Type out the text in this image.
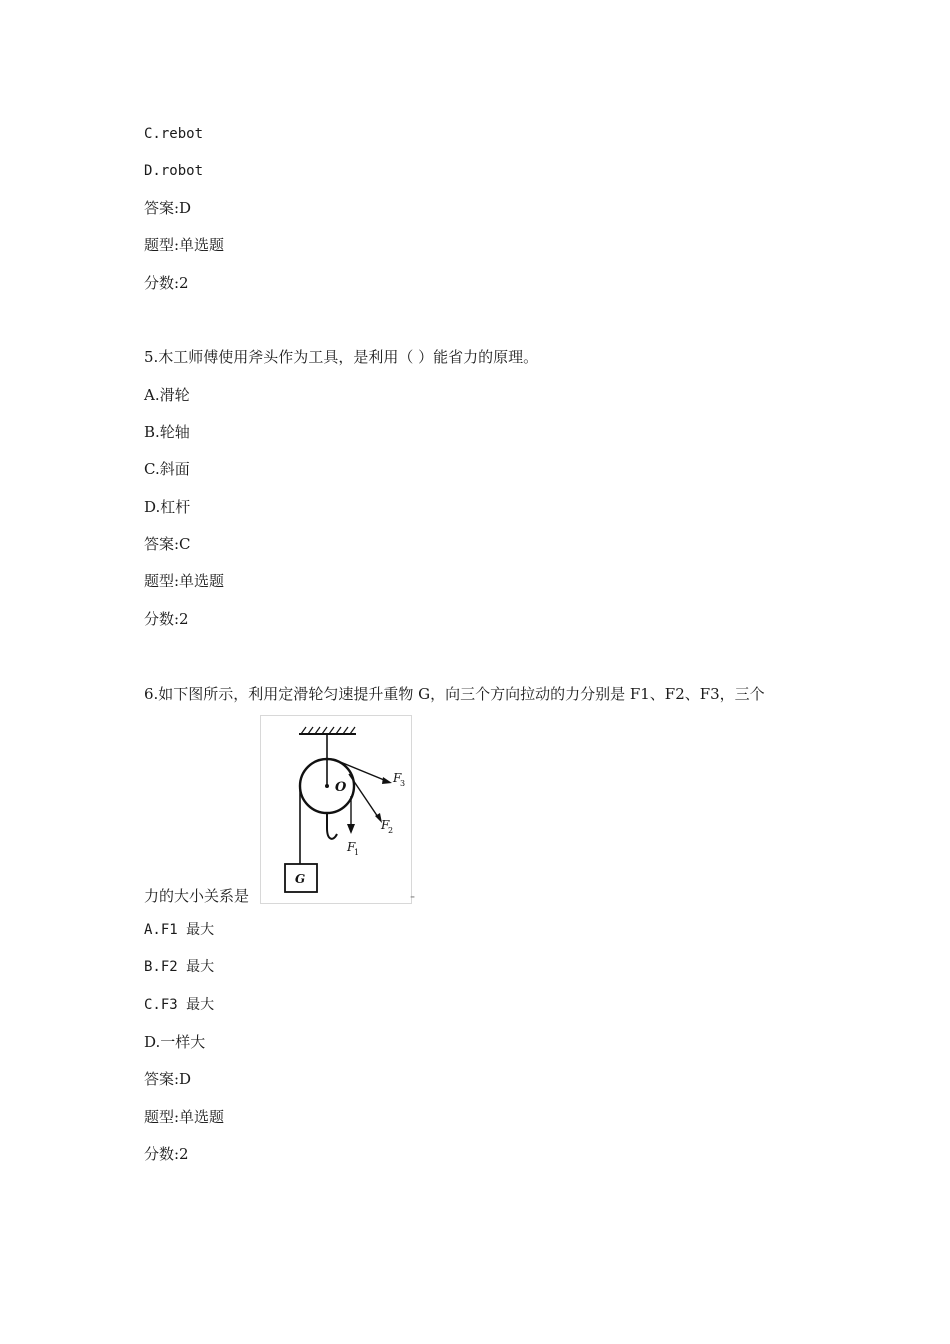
C.rebot
D.robot
答案:D
题型:单选题
分数:2
5.木工师傅使用斧头作为工具，是利用（ ）能省力的原理。
A.滑轮
B.轮轴
C.斜面
D.杠杆
答案:C
题型:单选题
分数:2
6.如下图所示，利用定滑轮匀速提升重物 G，向三个方向拉动的力分别是 F1、F2、F3，三个
力的大小关系是
O
F
1
F
2
F
3
G
-
A.F1 最大
B.F2 最大
C.F3 最大
D.一样大
答案:D
题型:单选题
分数:2
